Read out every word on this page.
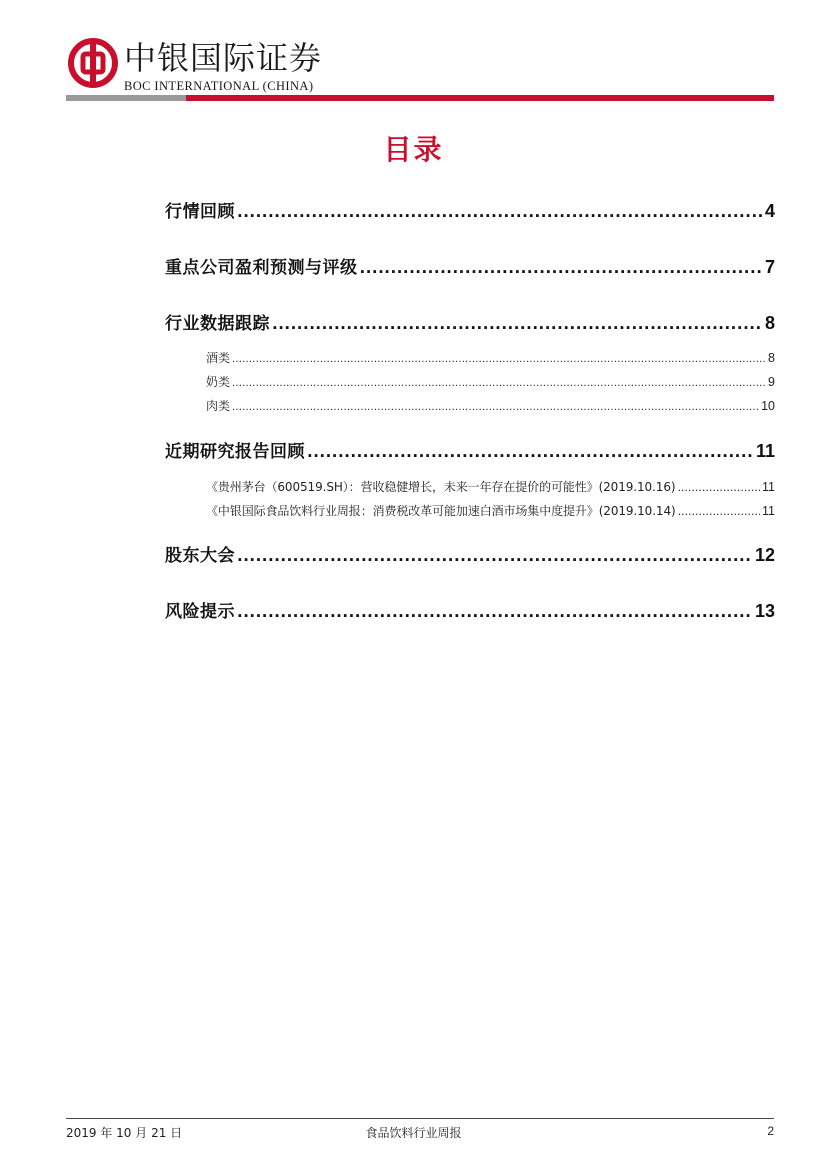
中银国际证券
BOC INTERNATIONAL (CHINA)
目录
行情回顾 .....	4
重点公司盈利预测与评级 .....	7
行业数据跟踪 .....	8
酒类 .....	8
奶类 .....	9
肉类 .....	10
近期研究报告回顾 .....	11
《贵州茅台（600519.SH）：营收稳健增长，未来一年存在提价的可能性》(2019.10.16) .....	11
《中银国际食品饮料行业周报：消费税改革可能加速白酒市场集中度提升》(2019.10.14) .....	11
股东大会 .....	12
风险提示 .....	13
2019 年 10 月 21 日	食品饮料行业周报	2
